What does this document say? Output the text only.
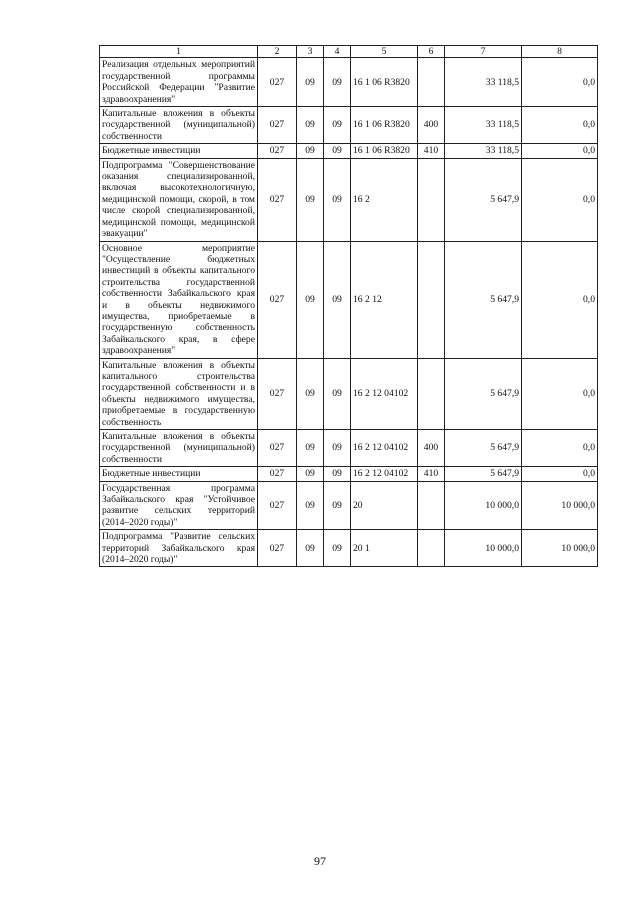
1	2	3	4	5	6	7	8
Реализация отдельных мероприятий государственной программы Российской Федерации "Развитие здравоохранения"	027	09	09	16 1 06 R3820		33 118,5	0,0
Капитальные вложения в объекты государственной (муниципальной) собственности	027	09	09	16 1 06 R3820	400	33 118,5	0,0
Бюджетные инвестиции	027	09	09	16 1 06 R3820	410	33 118,5	0,0
Подпрограмма "Совершенствование оказания специализированной, включая высокотехнологичную, медицинской помощи, скорой, в том числе скорой специализированной, медицинской помощи, медицинской эвакуации"	027	09	09	16 2		5 647,9	0,0
Основное мероприятие "Осуществление бюджетных инвестиций в объекты капитального строительства государственной собственности Забайкальского края и в объекты недвижимого имущества, приобретаемые в государственную собственность Забайкальского края, в сфере здравоохранения"	027	09	09	16 2 12		5 647,9	0,0
Капитальные вложения в объекты капитального строительства государственной собственности и в объекты недвижимого имущества, приобретаемые в государственную собственность	027	09	09	16 2 12 04102		5 647,9	0,0
Капитальные вложения в объекты государственной (муниципальной) собственности	027	09	09	16 2 12 04102	400	5 647,9	0,0
Бюджетные инвестиции	027	09	09	16 2 12 04102	410	5 647,9	0,0
Государственная программа Забайкальского края "Устойчивое развитие сельских территорий (2014–2020 годы)"	027	09	09	20		10 000,0	10 000,0
Подпрограмма "Развитие сельских территорий Забайкальского края (2014–2020 годы)"	027	09	09	20 1		10 000,0	10 000,0
97
